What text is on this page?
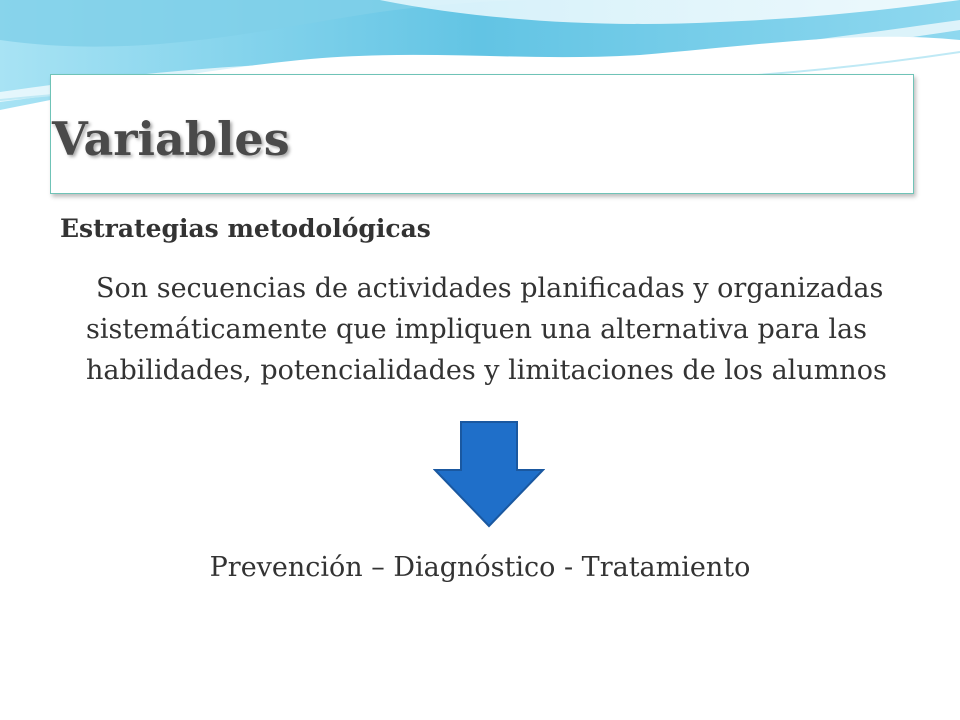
Variables
Estrategias metodológicas
Son secuencias de actividades planificadas y organizadas sistemáticamente que impliquen una alternativa para las habilidades, potencialidades y limitaciones de los alumnos
Prevención – Diagnóstico - Tratamiento
